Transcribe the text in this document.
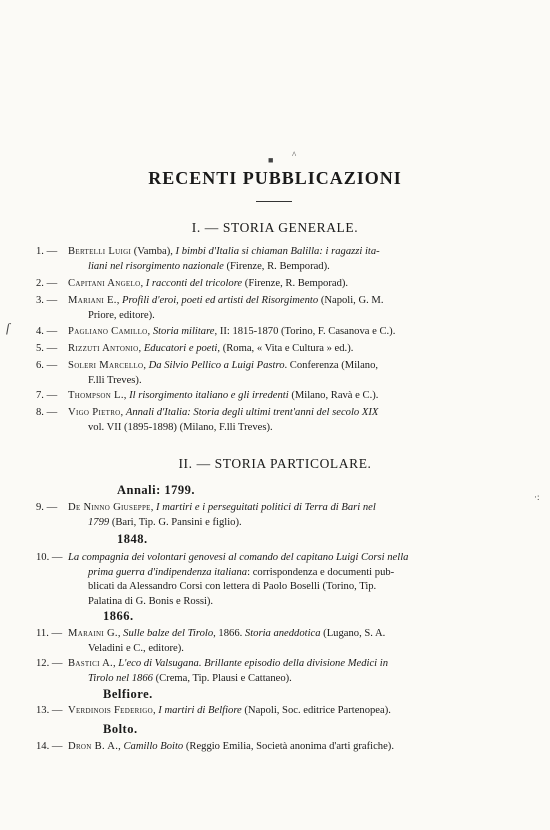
■ ^
RECENTI PUBBLICAZIONI
I. — STORIA GENERALE.
1. —	Bertelli Luigi (Vamba), I bimbi d'Italia si chiaman Balilla: i ragazzi ita-
liani nel risorgimento nazionale (Firenze, R. Bemporad).
2. —	Capitani Angelo, I racconti del tricolore (Firenze, R. Bemporad).
3. —	Mariani E., Profili d'eroi, poeti ed artisti del Risorgimento (Napoli, G. M.
Priore, editore).
4. —	Pagliano Camillo, Storia militare, II: 1815-1870 (Torino, F. Casanova e C.).
5. —	Rizzuti Antonio, Educatori e poeti, (Roma, « Vita e Cultura » ed.).
6. —	Soleri Marcello, Da Silvio Pellico a Luigi Pastro. Conferenza (Milano,
F.lli Treves).
7. —	Thompson L., Il risorgimento italiano e gli irredenti (Milano, Ravà e C.).
8. —	Vigo Pietro, Annali d'Italia: Storia degli ultimi trent'anni del secolo XIX
vol. VII (1895-1898) (Milano, F.lli Treves).
II. — STORIA PARTICOLARE.
Annali: 1799.
9. —	De Ninno Giuseppe, I martiri e i perseguitati politici di Terra di Bari nel
1799 (Bari, Tip. G. Pansini e figlio).
1848.
10. — La compagnia dei volontari genovesi al comando del capitano Luigi Corsi nella
prima guerra d'indipendenza italiana: corrispondenza e documenti pub-
blicati da Alessandro Corsi con lettera di Paolo Boselli (Torino, Tip.
Palatina di G. Bonis e Rossi).
1866.
11. — Maraini G., Sulle balze del Tirolo, 1866. Storia aneddotica (Lugano, S. A.
Veladini e C., editore).
12. — Bastici A., L'eco di Valsugana. Brillante episodio della divisione Medici in
Tirolo nel 1866 (Crema, Tip. Plausi e Cattaneo).
Belfiore.
13. — Verdinois Federigo, I martiri di Belfiore (Napoli, Soc. editrice Partenopea).
Bolto.
14. — Dron B. A., Camillo Boito (Reggio Emilia, Società anonima d'arti grafiche).
ſ
·:
